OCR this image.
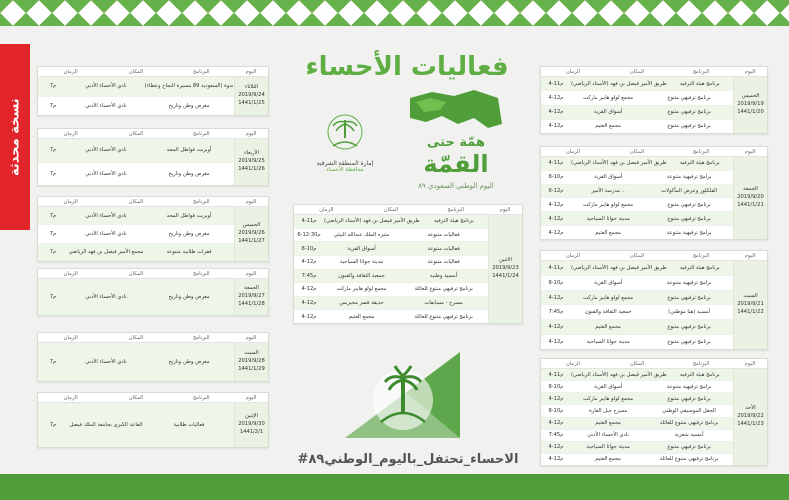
نسخة محدثة
فعاليات الأحساء
همّة حتى
القمّة
اليوم الوطني السعودي ٨٩
إمارة المنطقة الشرقية
محافظة الأحساء
#الاحساء_تحتفل_باليوم_الوطني٨٩
الزمان	المكان	البرنامج	اليوم
7م	نادي الأحساء الأدبي	ندوة (السعودية 89 مسيرة النجاح وعطاء)
7م	نادي الأحساء الأدبي	معرض وطن وتاريخ
الثلاثاء
2019/9/24
1441/1/25
الزمان	المكان	البرنامج	اليوم
7م	نادي الأحساء الأدبي	أوبريت فواطل المجد
7م	نادي الأحساء الأدبي	معرض وطن وتاريخ
الأربعاء
2019/9/25
1441/1/26
الزمان	المكان	البرنامج	اليوم
7م	نادي الأحساء الأدبي	أوبريت فواطل المجد
7م	نادي الأحساء الأدبي	معرض وطن وتاريخ
7م	مجمع الأمير فيصل بن فهد الرياضي	فقرات طلابية متنوعة
الخميس
2019/9/26
1441/1/27
الزمان	المكان	البرنامج	اليوم
7م	نادي الأحساء الأدبي	معرض وطن وتاريخ
الجمعة
2019/9/27
1441/1/28
الزمان	المكان	البرنامج	اليوم
7م	نادي الأحساء الأدبي	معرض وطن وتاريخ
السبت
2019/9/28
1441/1/29
الزمان	المكان	البرنامج	اليوم
7م	القاعة الكبرى بجامعة الملك فيصل	فعاليات طلابية
الإثنين
2019/9/30
1441/2/1
الزمان	المكان	البرنامج	اليوم
4-11م	طريق الأمير فيصل بن فهد (الأستاد الرياضي)	برنامج هيئة الترفيه
6-12:30م	متنزه الملك عبدالله البيئي	فعاليات متنوعة
8-10م	أسواق القرية	فعاليات متنوعة
4-12م	مدينة جواثا السياحية	فعاليات متنوعة
7:45م	جمعية الثقافة والفنون	أمسية وطنية
4-12م	مجمع لولو هايبر ماركت	برنامج ترفيهي متنوع للعائلة
4-12م	حديقة قصر محيريس	مسرح - مسابقات
4-12م	مجمع العثيم	برنامج ترفيهي متنوع للعائلة
الاثنين
2019/9/23
1441/1/24
الزمان	المكان	البرنامج	اليوم
4-11م	طريق الأمير فيصل بن فهد (الأستاد الرياضي)	برنامج هيئة الترفيه
4-12م	مجمع لولو هايبر ماركت	برنامج ترفيهي متنوع
4-12م	أسواق القرية	برنامج ترفيهي متنوع
4-12م	مجمع العثيم	برنامج ترفيهي متنوع
الخميس
2019/9/19
1441/1/20
الزمان	المكان	البرنامج	اليوم
4-11م	طريق الأمير فيصل بن فهد (الأستاد الرياضي)	برنامج هيئة الترفيه
8-10م	أسواق القرية	برامج ترفيهية متنوعة
6-12م	مدرسة الأمير ..	الفلكلور وعرض المأكولات
4-12م	مجمع لولو هايبر ماركت	برنامج ترفيهي متنوع
4-12م	مدينة جواثا السياحية	برنامج ترفيهي متنوع
4-12م	مجمع العثيم	برامج ترفيهية متنوعة
الجمعة
2019/9/20
1441/1/21
الزمان	المكان	البرنامج	اليوم
4-11م	طريق الأمير فيصل بن فهد (الأستاد الرياضي)	برنامج هيئة الترفيه
8-10م	أسواق القرية	برامج ترفيهية متنوعة
4-12م	مجمع لولو هايبر ماركت	برنامج ترفيهي متنوع
7:45م	جمعية الثقافة والفنون	أمسية (هنا موطني)
4-12م	مجمع العثيم	برنامج ترفيهي متنوع
4-12م	مدينة جواثا السياحية	برنامج ترفيهي متنوع
السبت
2019/9/21
1441/1/22
الزمان	المكان	البرنامج	اليوم
4-11م	طريق الأمير فيصل بن فهد (الأستاد الرياضي)	برنامج هيئة الترفيه
8-10م	أسواق القرية	برامج ترفيهية متنوعة
4-12م	مجمع لولو هايبر ماركت	برنامج ترفيهي متنوع
8-10م	مسرح جبل القارة	الحفل الموسيقي الوطني
4-12م	مجمع العثيم	برنامج ترفيهي متنوع للعائلة
7:45م	نادي الأحساء الأدبي	أمسية شعرية
4-12م	مدينة جواثا السياحية	برنامج ترفيهي متنوع
4-12م	مجمع العثيم	برنامج ترفيهي متنوع للعائلة
الأحد
2019/9/22
1441/1/23
